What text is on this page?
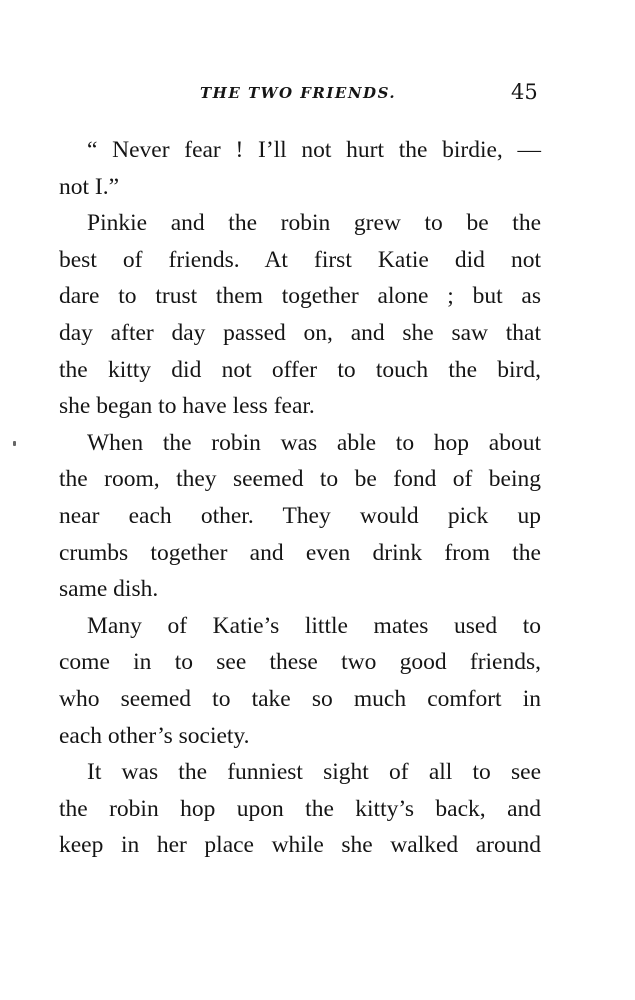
THE TWO FRIENDS.	45
“ Never fear ! I’ll not hurt the birdie, —
not I.”
Pinkie and the robin grew to be the
best of friends. At first Katie did not
dare to trust them together alone ; but as
day after day passed on, and she saw that
the kitty did not offer to touch the bird,
she began to have less fear.
When the robin was able to hop about
the room, they seemed to be fond of being
near each other. They would pick up
crumbs together and even drink from the
same dish.
Many of Katie’s little mates used to
come in to see these two good friends,
who seemed to take so much comfort in
each other’s society.
It was the funniest sight of all to see
the robin hop upon the kitty’s back, and
keep in her place while she walked around
